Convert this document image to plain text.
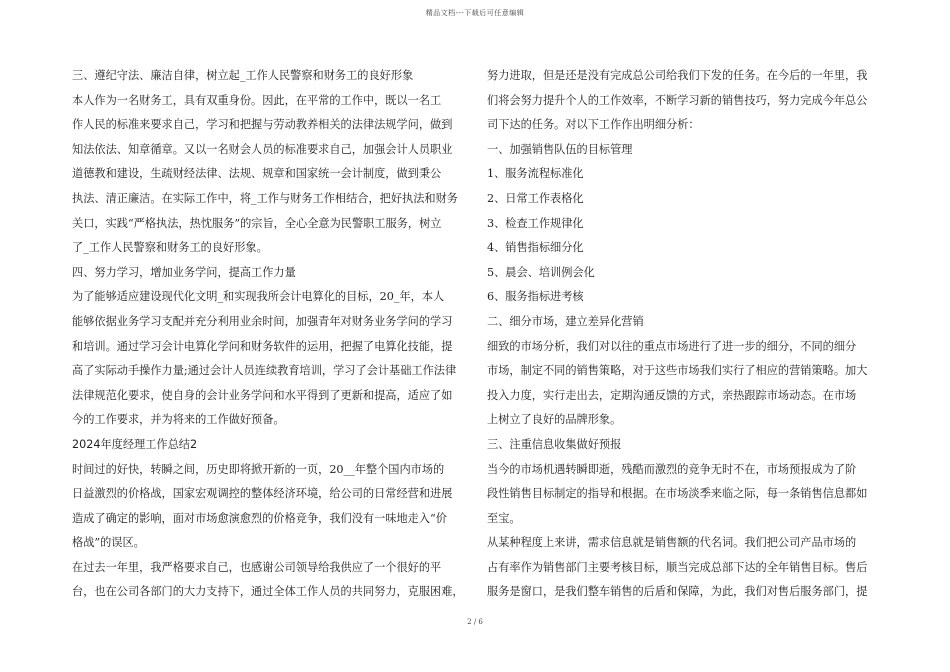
精品文档---下载后可任意编辑
三、遵纪守法、廉洁自律，树立起_工作人民警察和财务工的良好形象
本人作为一名财务工，具有双重身份。因此，在平常的工作中，既以一名工
作人民的标准来要求自己，学习和把握与劳动教养相关的法律法规学问，做到
知法依法、知章循章。又以一名财会人员的标准要求自己，加强会计人员职业
道德教和建设，生疏财经法律、法规、规章和国家统一会计制度，做到秉公
执法、清正廉洁。在实际工作中，将_工作与财务工作相结合，把好执法和财务
关口，实践“严格执法，热忱服务”的宗旨，全心全意为民警职工服务，树立
了_工作人民警察和财务工的良好形象。
四、努力学习，增加业务学问，提高工作力量
为了能够适应建设现代化文明_和实现我所会计电算化的目标，20_年，本人
能够依据业务学习支配并充分利用业余时间，加强青年对财务业务学问的学习
和培训。通过学习会计电算化学问和财务软件的运用，把握了电算化技能，提
高了实际动手操作力量;通过会计人员连续教育培训，学习了会计基础工作法律
法律规范化要求，使自身的会计业务学问和水平得到了更新和提高，适应了如
今的工作要求，并为将来的工作做好预备。
2024年度经理工作总结2
时间过的好快，转瞬之间，历史即将掀开新的一页，20__年整个国内市场的
日益激烈的价格战，国家宏观调控的整体经济环境，给公司的日常经营和进展
造成了确定的影响，面对市场愈演愈烈的价格竞争，我们没有一味地走入“价
格战”的误区。
在过去一年里，我严格要求自己，也感谢公司领导给我供应了一个很好的平
台，也在公司各部门的大力支持下，通过全体工作人员的共同努力，克服困难，
努力进取，但是还是没有完成总公司给我们下发的任务。在今后的一年里，我
们将会努力提升个人的工作效率，不断学习新的销售技巧，努力完成今年总公
司下达的任务。对以下工作作出明细分析：
一、加强销售队伍的目标管理
1、服务流程标准化
2、日常工作表格化
3、检查工作规律化
4、销售指标细分化
5、晨会、培训例会化
6、服务指标进考核
二、细分市场，建立差异化营销
细致的市场分析，我们对以往的重点市场进行了进一步的细分，不同的细分
市场，制定不同的销售策略，对于这些市场我们实行了相应的营销策略。加大
投入力度，实行走出去，定期沟通反馈的方式，亲热跟踪市场动态。在市场
上树立了良好的品牌形象。
三、注重信息收集做好预报
当今的市场机遇转瞬即逝，残酷而激烈的竞争无时不在，市场预报成为了阶
段性销售目标制定的指导和根据。在市场淡季来临之际，每一条销售信息都如
至宝。
从某种程度上来讲，需求信息就是销售额的代名词。我们把公司产品市场的
占有率作为销售部门主要考核目标，顺当完成总部下达的全年销售目标。售后
服务是窗口，是我们整车销售的后盾和保障，为此，我们对售后服务部门，提
2 / 6
